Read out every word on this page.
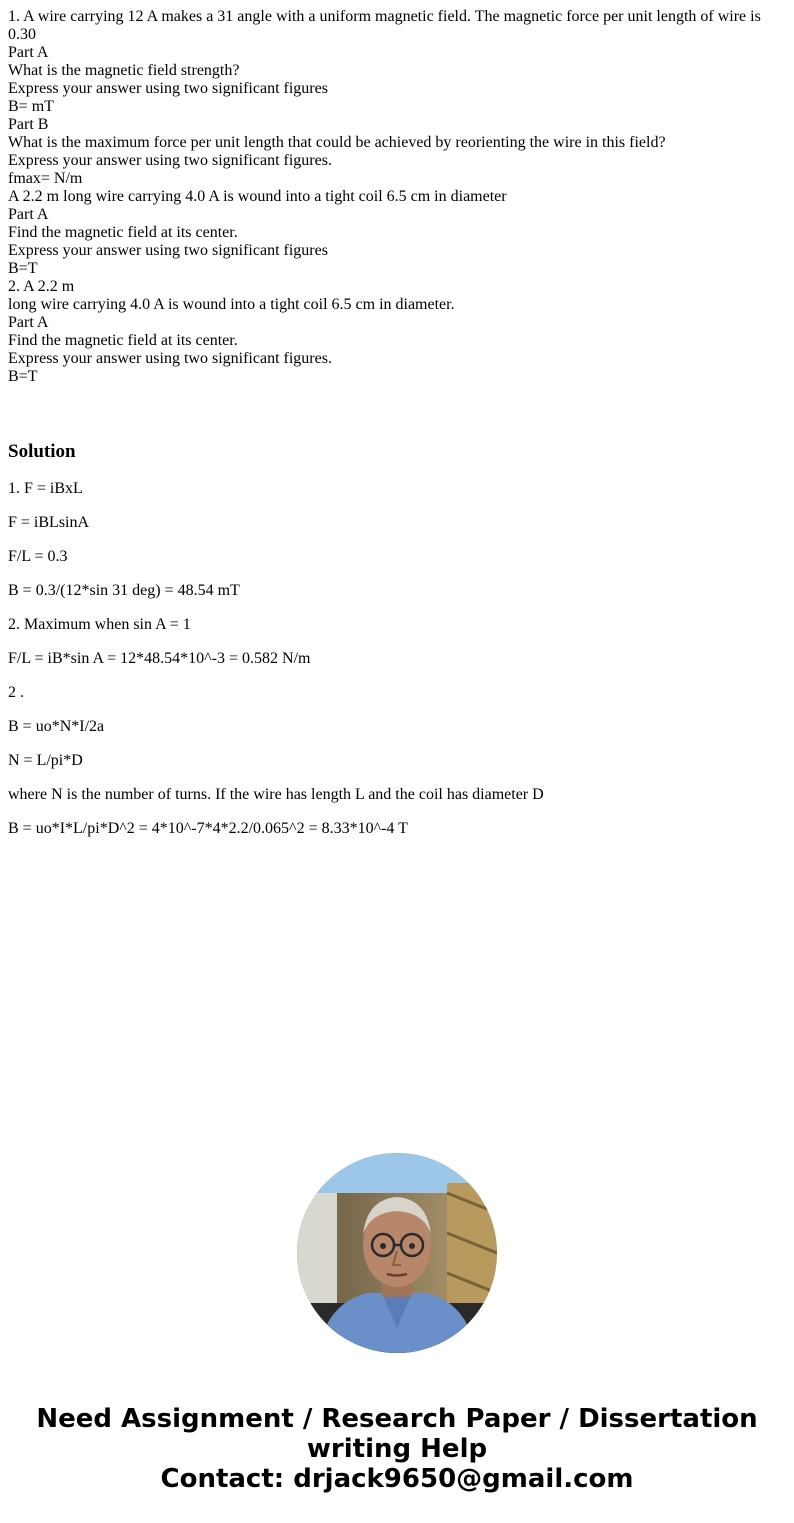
1. A wire carrying 12 A makes a 31 angle with a uniform magnetic field. The magnetic force per unit length of wire is 0.30
Part A
What is the magnetic field strength?
Express your answer using two significant figures
B= mT
Part B
What is the maximum force per unit length that could be achieved by reorienting the wire in this field?
Express your answer using two significant figures.
fmax= N/m
A 2.2 m long wire carrying 4.0 A is wound into a tight coil 6.5 cm in diameter
Part A
Find the magnetic field at its center.
Express your answer using two significant figures
B=T
2. A 2.2 m
long wire carrying 4.0 A is wound into a tight coil 6.5 cm in diameter.
Part A
Find the magnetic field at its center.
Express your answer using two significant figures.
B=T
Solution

1. F = iBxL

F = iBLsinA

F/L = 0.3

B = 0.3/(12*sin 31 deg) = 48.54 mT

2. Maximum when sin A = 1

F/L = iB*sin A = 12*48.54*10^-3 = 0.582 N/m

2 .

B = uo*N*I/2a

N = L/pi*D

where N is the number of turns. If the wire has length L and the coil has diameter D

B = uo*I*L/pi*D^2 = 4*10^-7*4*2.2/0.065^2 = 8.33*10^-4 T

Need Assignment / Research Paper / Dissertation
writing Help
Contact: drjack9650@gmail.com
